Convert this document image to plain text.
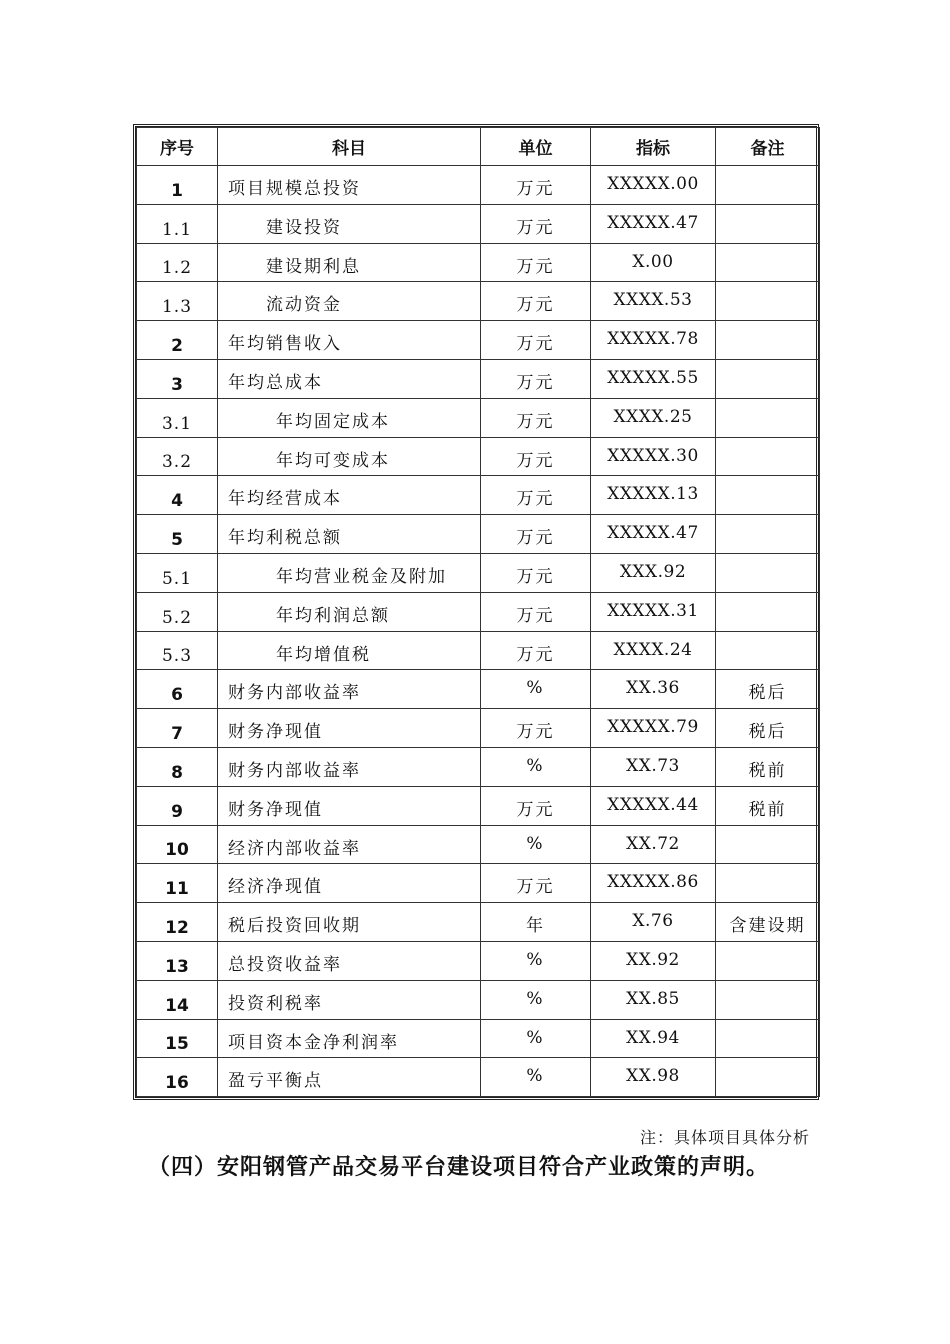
序号	科目	单位	指标	备注
1	项目规模总投资	万元	XXXXX.00	
1.1	建设投资	万元	XXXXX.47	
1.2	建设期利息	万元	X.00	
1.3	流动资金	万元	XXXX.53	
2	年均销售收入	万元	XXXXX.78	
3	年均总成本	万元	XXXXX.55	
3.1	年均固定成本	万元	XXXX.25	
3.2	年均可变成本	万元	XXXXX.30	
4	年均经营成本	万元	XXXXX.13	
5	年均利税总额	万元	XXXXX.47	
5.1	年均营业税金及附加	万元	XXX.92	
5.2	年均利润总额	万元	XXXXX.31	
5.3	年均增值税	万元	XXXX.24	
6	财务内部收益率	%	XX.36	税后
7	财务净现值	万元	XXXXX.79	税后
8	财务内部收益率	%	XX.73	税前
9	财务净现值	万元	XXXXX.44	税前
10	经济内部收益率	%	XX.72	
11	经济净现值	万元	XXXXX.86	
12	税后投资回收期	年	X.76	含建设期
13	总投资收益率	%	XX.92	
14	投资利税率	%	XX.85	
15	项目资本金净利润率	%	XX.94	
16	盈亏平衡点	%	XX.98	
注：具体项目具体分析
（四）安阳钢管产品交易平台建设项目符合产业政策的声明。
